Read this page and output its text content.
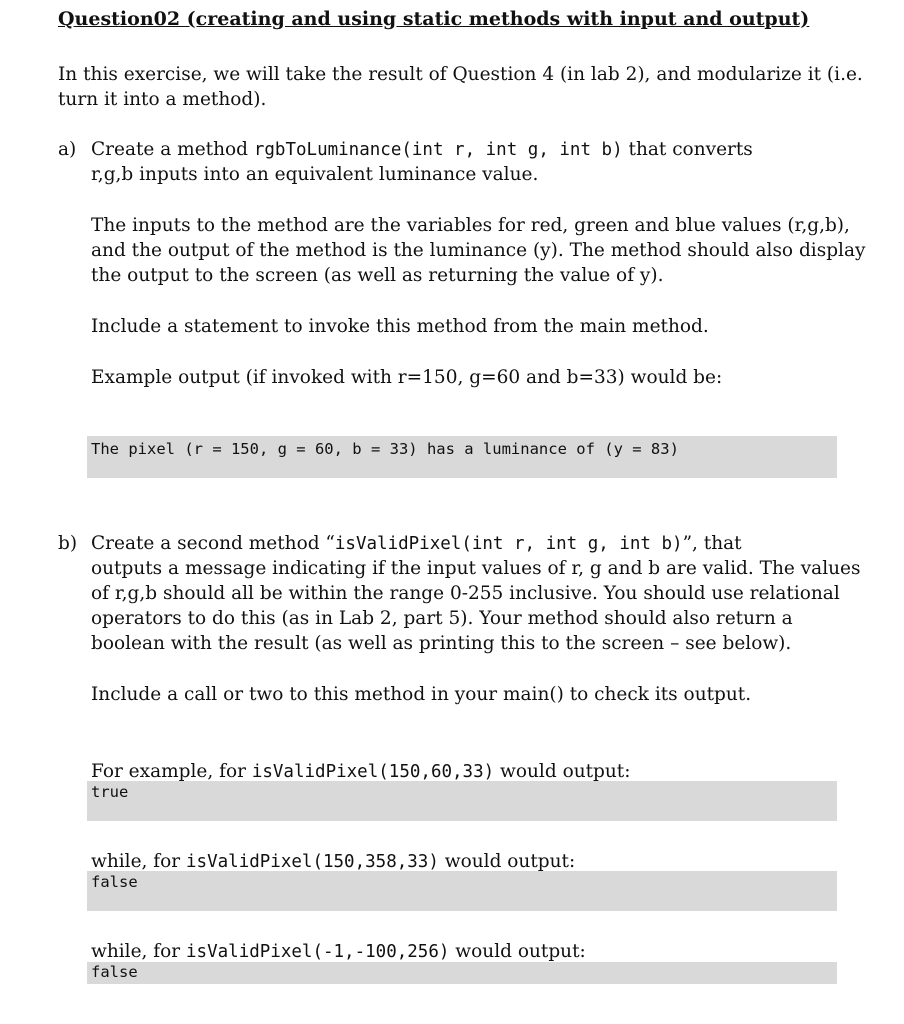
Question02 (creating and using static methods with input and output)
In this exercise, we will take the result of Question 4 (in lab 2), and modularize it (i.e.
turn it into a method).
a) Create a method rgbToLuminance(int r, int g, int b) that converts
r,g,b inputs into an equivalent luminance value.
The inputs to the method are the variables for red, green and blue values (r,g,b),
and the output of the method is the luminance (y). The method should also display
the output to the screen (as well as returning the value of y).
Include a statement to invoke this method from the main method.
Example output (if invoked with r=150, g=60 and b=33) would be:
The pixel (r = 150, g = 60, b = 33) has a luminance of (y = 83)
b) Create a second method “isValidPixel(int r, int g, int b)”, that
outputs a message indicating if the input values of r, g and b are valid. The values
of r,g,b should all be within the range 0-255 inclusive. You should use relational
operators to do this (as in Lab 2, part 5). Your method should also return a
boolean with the result (as well as printing this to the screen – see below).
Include a call or two to this method in your main() to check its output.
true
For example, for isValidPixel(150,60,33) would output:
false
while, for isValidPixel(150,358,33) would output:
false
while, for isValidPixel(-1,-100,256) would output:
